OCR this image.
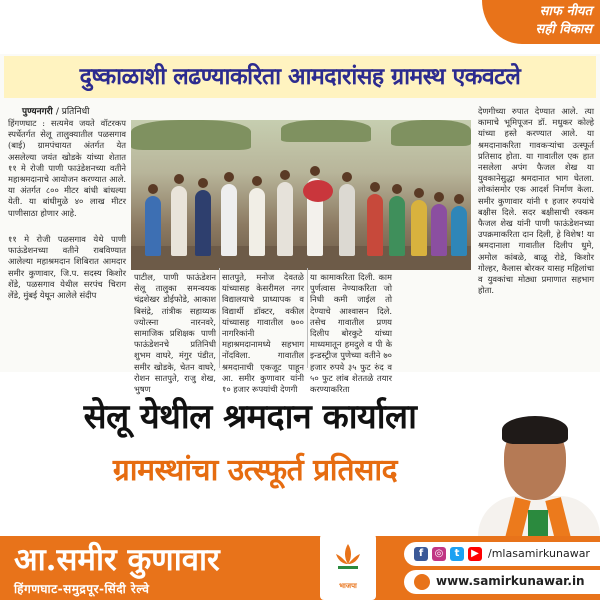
साफ नीयत
सही विकास
दुष्काळाशी लढण्याकरिता आमदारांसह ग्रामस्थ एकवटले
पुण्यनगरी / प्रतिनिधी
हिंगणघाट : सत्यमेव जयते वॉटरकप स्पर्धेतर्गत सेलू तालुक्यातील पळसगाव (बाई) ग्रामपंचायत अंतर्गत येत असलेल्या जयंत खोडके यांच्या शेतात ११ मे रोजी पाणी फाउंडेशनच्या वतीने महाश्रमदानाचे आयोजन करण्यात आले. या अंतर्गत ८०० मीटर बांधी बांधल्या येती. या बांधीमुळे ४० लाख मीटर पाणीसाठा होणार आहे.
११ मे रोजी पळसगाव येथे पाणी फाऊंडेशनच्या वतीने राबविण्यात आलेल्या महाश्रमदान शिबिरात आमदार समीर कुणावार, जि.प. सदस्य किशोर शेंडे, पळसगाव येथील सरपंच चिराग लेंडे, मुंबई येथून आलेले संदीप
पाटील, पाणी फाऊंडेशन सेलू तालुका समन्वयक चंद्रशेखर डोईफोडे, आकाश बिसंद्रे, तांत्रीक सहाय्यक ज्योत्स्ना नारनवरे, सामाजिक प्रशिक्षक पाणी फाऊंडेशनचे प्रतिनिधी शुभम वाघरे, मंगुर पंडीत, समीर खोडके, चेतन वाघरे, रोशन सातपुते, राजु शेख, भुषण
सातपुते, मनोज देवतळे यांच्यासह केसरीमल नगर विद्यालयाचे प्राध्यापक व विद्यार्थी डॉक्टर, वकील यांच्यासह गावातील ७०० नागरिकांनी महाश्रमदानामध्ये सहभाग नोंदविला. गावातील श्रमदानाची एकजूट पाहून आ. समीर कुणावार यांनी १० हजार रूपयांची देणगी
या कामाकरिता दिली. काम पुर्णत्वास नेण्याकरिता जो निधी कमी जाईल तो देण्याचे आश्वासन दिले. तसेच गावातील प्रणय दिलीप बोरकुटे यांच्या माध्यमातून हमदुले व पी के इन्डस्ट्रीज पुणेच्या वतीने ७० हजार रुपये ३५ फुट रुंद व ५० फुट लांब शेततळे तयार करण्याकरिता
देणगीच्या रुपात देण्यात आले. त्या कामाचे भूमिपूजन डॉ. मधुकर कोल्हे यांच्या हस्ते करण्यात आले. या श्रमदानाकरिता गावकऱ्यांचा उत्स्फूर्त प्रतिसाद होता. या गावातील एक हात नसलेला अपंग फैजल शेख या युवकानेसुद्धा श्रमदानात भाग घेतला. लोकांसमोर एक आदर्श निर्माण केला. समीर कुणावार यांनी १ हजार रुपयांचे बक्षीस दिले. सदर बक्षीसाची रक्कम फैजल शेख यांनी पाणी फाऊंडेशनच्या उपक्रमाकरिता दान दिली, हे विशेष! या श्रमदानाला गावातील दिलीप धुमे, अमोल कांबळे, बाळू रोडे, किशोर गोल्हर, कैलास बोरकर यासह महिलांचा व युवकांचा मोठ्या प्रमाणात सहभाग होता.
सेलू येथील श्रमदान कार्याला
ग्रामस्थांचा उत्स्फूर्त प्रतिसाद
आ.समीर कुणावार
हिंगणघाट-समुद्रपूर-सिंदी रेल्वे	भाजपा
f	◎	t	▶ /mlasamirkunawar
www.samirkunawar.in
